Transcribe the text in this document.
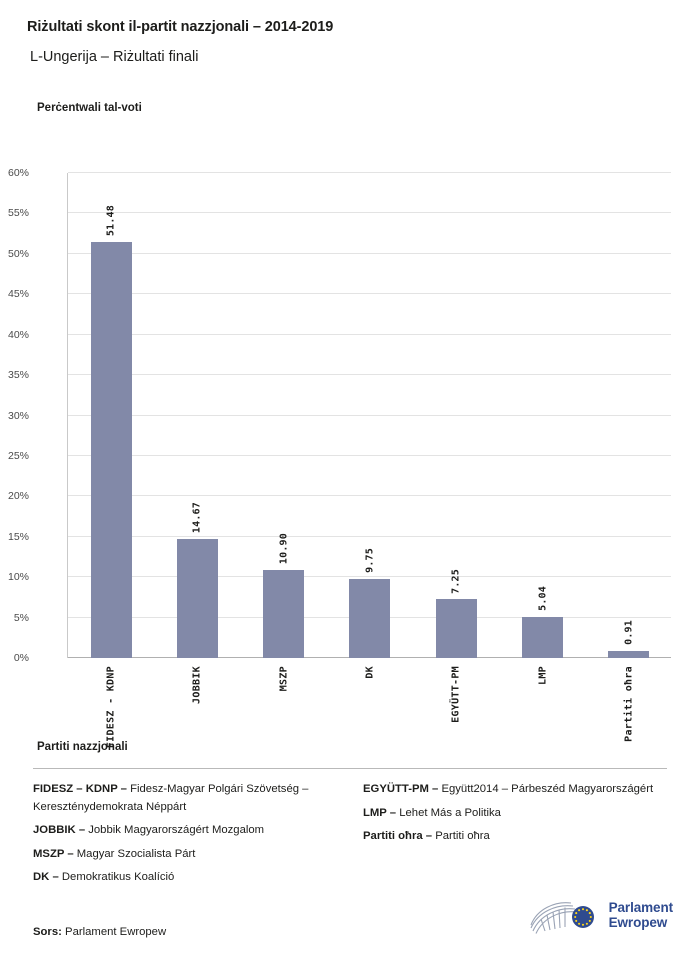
Riżultati skont il-partit nazzjonali – 2014-2019
L-Ungerija – Riżultati finali
Perċentwali tal-voti
51.48
FIDESZ - KDNP
14.67
JOBBIK
10.90
MSZP
9.75
DK
7.25
EGYÜTT-PM
5.04
LMP
0.91
Partiti oħra
0%
5%
10%
15%
20%
25%
30%
35%
40%
45%
50%
55%
60%
Partiti nazzjonali
FIDESZ – KDNP – Fidesz-Magyar Polgári Szövetség – Kereszténydemokrata Néppárt
JOBBIK – Jobbik Magyarországért Mozgalom
MSZP – Magyar Szocialista Párt
DK – Demokratikus Koalíció
EGYÜTT-PM – Együtt2014 – Párbeszéd Magyarországért
LMP – Lehet Más a Politika
Partiti oħra – Partiti oħra
Sors: Parlament Ewropew
Parlament
Ewropew
